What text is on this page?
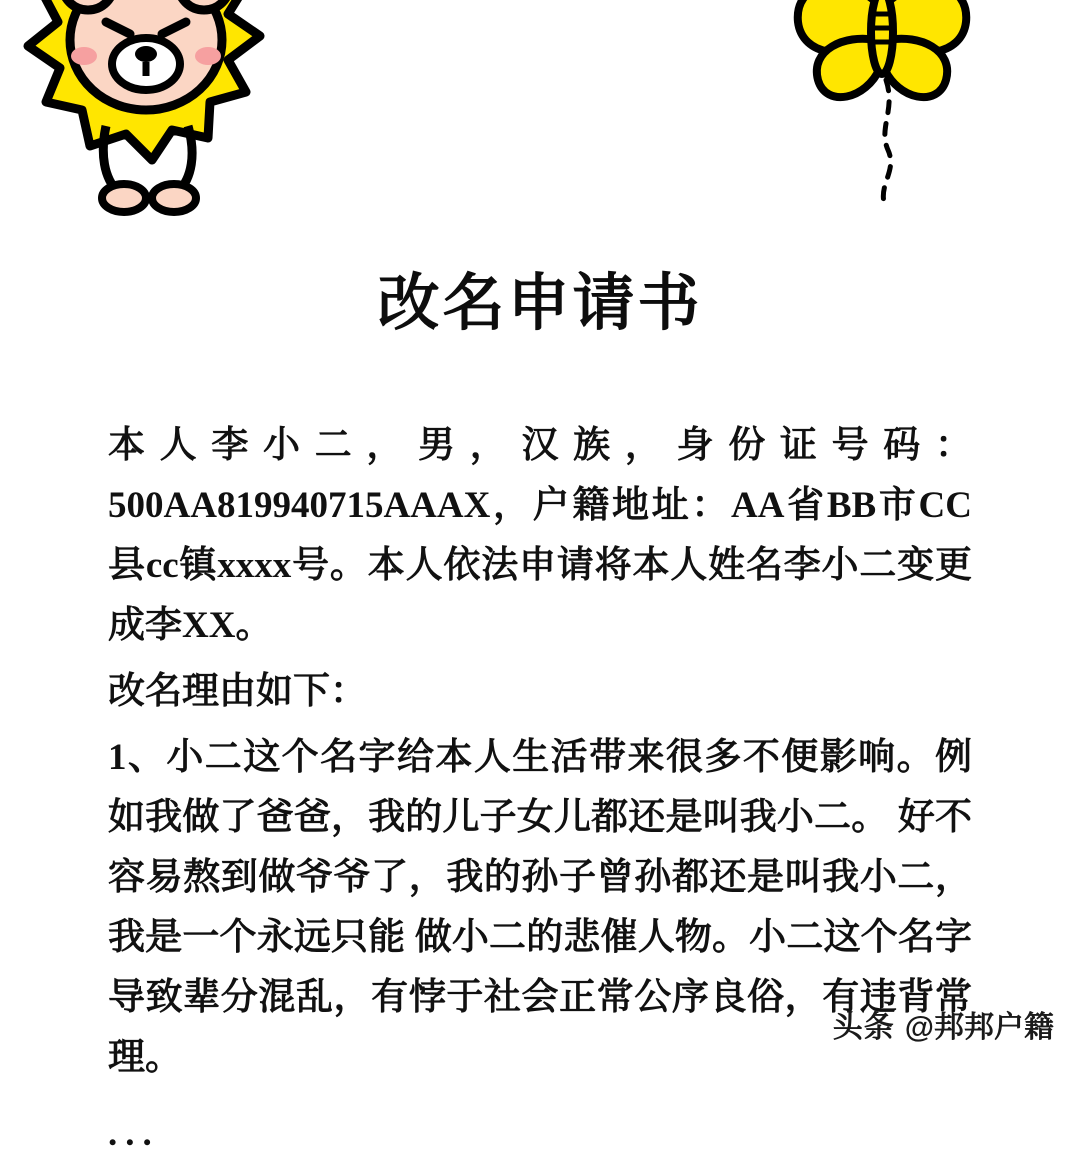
改名申请书

本人李小二，男，汉族，身份证号码：500AA819940715AAAX，户籍地址：AA省BB市CC县cc镇xxxx号。本人依法申请将本人姓名李小二变更成李XX。

改名理由如下：

1、小二这个名字给本人生活带来很多不便影响。例如我做了爸爸，我的儿子女儿都还是叫我小二。 好不容易熬到做爷爷了，我的孙子曾孙都还是叫我小二， 我是一个永远只能 做小二的悲催人物。小二这个名字导致辈分混乱，有悖于社会正常公序良俗，有违背常理。

...

头条 @邦邦户籍
